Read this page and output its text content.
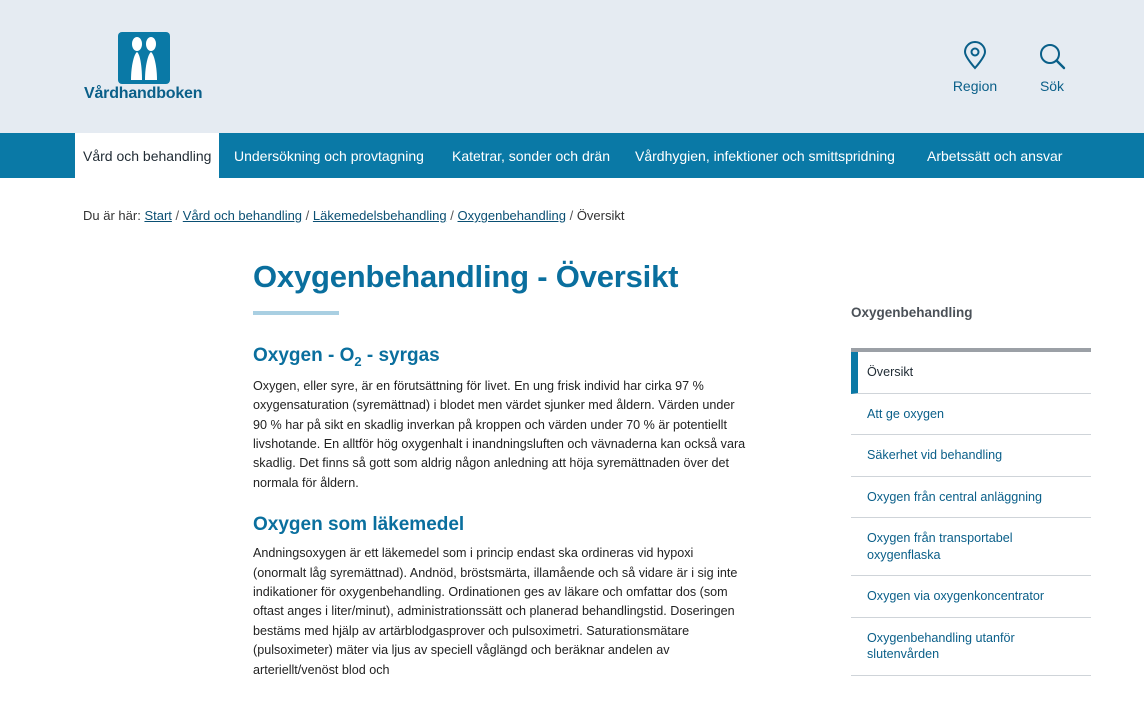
Vårdhandboken	Region	Sök
Vård och behandling	Undersökning och provtagning Katetrar, sonder och drän Vårdhygien, infektioner och smittspridning Arbetssätt och ansvar
Du är här: Start / Vård och behandling / Läkemedelsbehandling / Oxygenbehandling / Översikt
Oxygenbehandling - Översikt
Oxygen - $O_2$ - syrgas

Oxygen, eller syre, är en förutsättning för livet. En ung frisk individ har cirka 97 % oxygensaturation (syremättnad) i blodet men värdet sjunker med åldern. Värden under 90 % har på sikt en skadlig inverkan på kroppen och värden under 70 % är potentiellt livshotande. En alltför hög oxygenhalt i inandningsluften och vävnaderna kan också vara skadlig. Det finns så gott som aldrig någon anledning att höja syremättnaden över det normala för åldern.

Oxygen som läkemedel

Andningsoxygen är ett läkemedel som i princip endast ska ordineras vid hypoxi (onormalt låg syremättnad). Andnöd, bröstsmärta, illamående och så vidare är i sig inte indikationer för oxygenbehandling. Ordinationen ges av läkare och omfattar dos (som oftast anges i liter/minut), administrationssätt och planerad behandlingstid. Doseringen bestäms med hjälp av artärblodgasprover och pulsoximetri. Saturationsmätare (pulsoximeter) mäter via ljus av speciell våglängd och beräknar andelen av arteriellt/venöst blod och

Oxygenbehandling
Översikt
Att ge oxygen
Säkerhet vid behandling
Oxygen från central anläggning
Oxygen från transportabel oxygenflaska
Oxygen via oxygenkoncentrator
Oxygenbehandling utanför slutenvården
